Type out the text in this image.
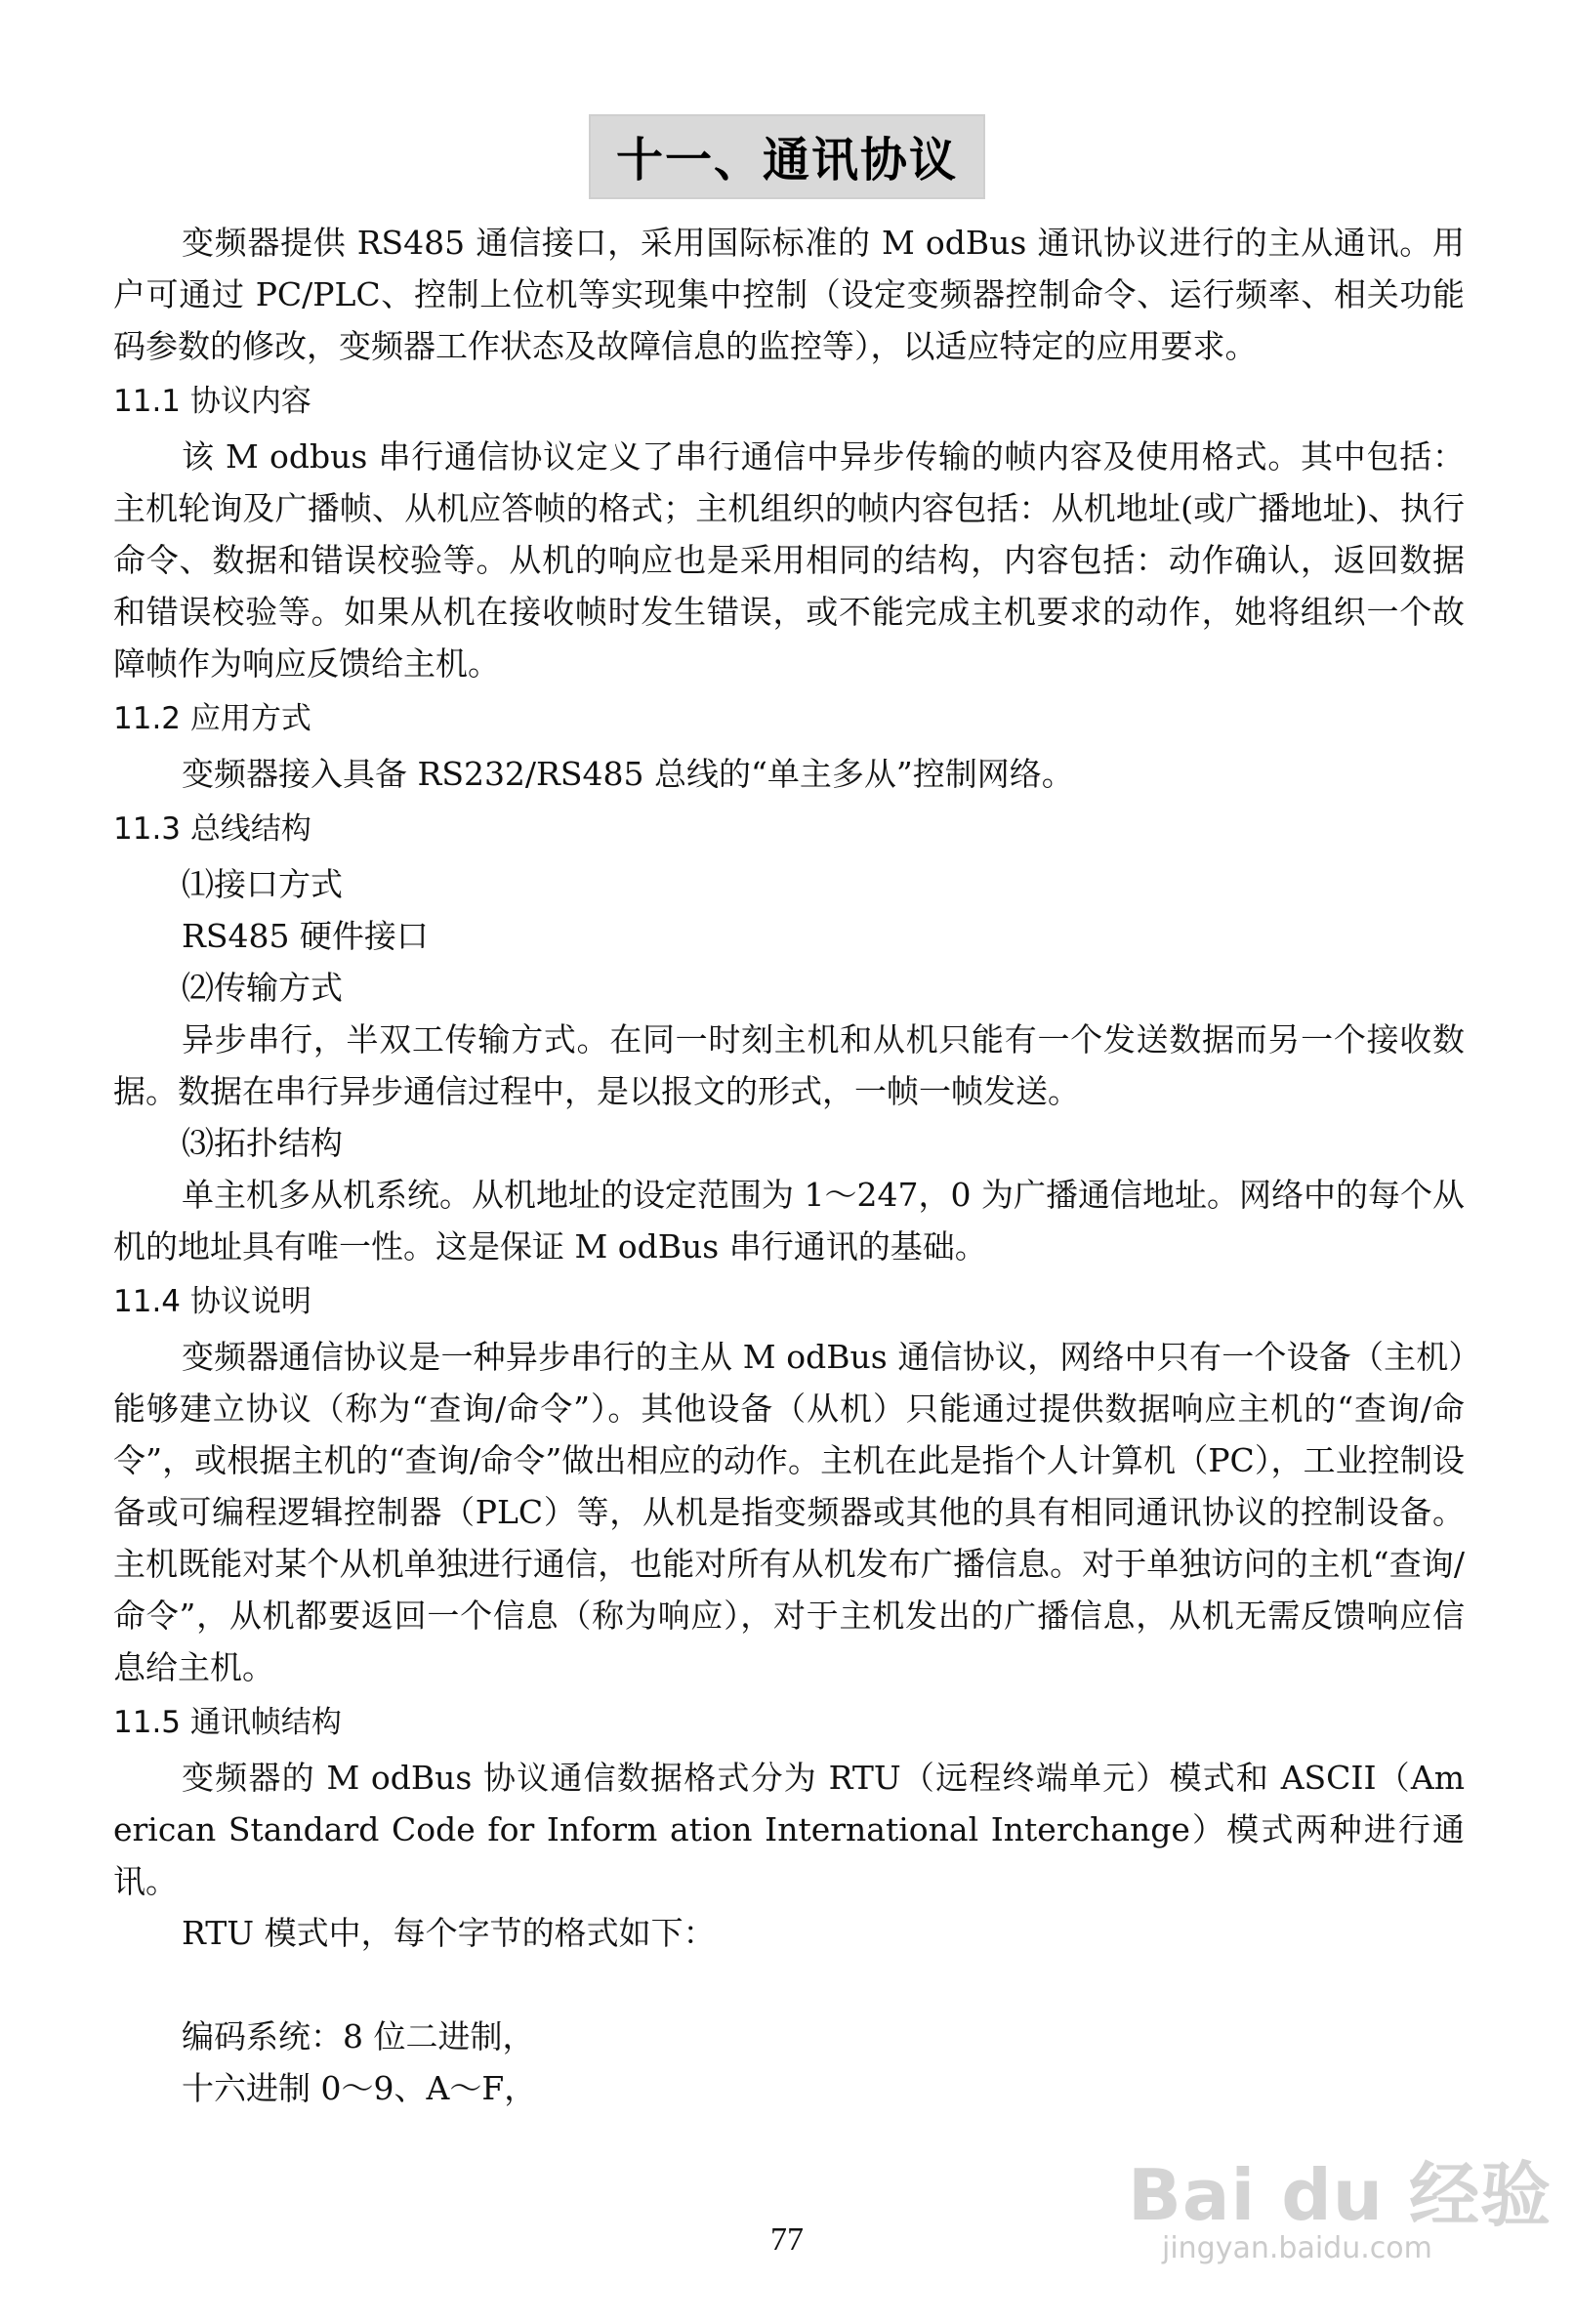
十一、通讯协议

变频器提供 RS485 通信接口，采用国际标准的 M odBus 通讯协议进行的主从通讯。用户可通过 PC/PLC、控制上位机等实现集中控制（设定变频器控制命令、运行频率、相关功能码参数的修改，变频器工作状态及故障信息的监控等），以适应特定的应用要求。

11.1 协议内容

该 M odbus 串行通信协议定义了串行通信中异步传输的帧内容及使用格式。其中包括：主机轮询及广播帧、从机应答帧的格式；主机组织的帧内容包括：从机地址(或广播地址)、执行命令、数据和错误校验等。从机的响应也是采用相同的结构，内容包括：动作确认，返回数据和错误校验等。如果从机在接收帧时发生错误，或不能完成主机要求的动作，她将组织一个故障帧作为响应反馈给主机。

11.2 应用方式

变频器接入具备 RS232/RS485 总线的“单主多从”控制网络。

11.3 总线结构

⑴接口方式

RS485 硬件接口

⑵传输方式

异步串行，半双工传输方式。在同一时刻主机和从机只能有一个发送数据而另一个接收数据。数据在串行异步通信过程中，是以报文的形式，一帧一帧发送。

⑶拓扑结构

单主机多从机系统。从机地址的设定范围为 1～247，0 为广播通信地址。网络中的每个从机的地址具有唯一性。这是保证 M odBus 串行通讯的基础。

11.4 协议说明

变频器通信协议是一种异步串行的主从 M odBus 通信协议，网络中只有一个设备（主机）能够建立协议（称为“查询/命令”）。其他设备（从机）只能通过提供数据响应主机的“查询/命令”，或根据主机的“查询/命令”做出相应的动作。主机在此是指个人计算机（PC），工业控制设备或可编程逻辑控制器（PLC）等，从机是指变频器或其他的具有相同通讯协议的控制设备。主机既能对某个从机单独进行通信，也能对所有从机发布广播信息。对于单独访问的主机“查询/命令”，从机都要返回一个信息（称为响应），对于主机发出的广播信息，从机无需反馈响应信息给主机。

11.5 通讯帧结构

变频器的 M odBus 协议通信数据格式分为 RTU（远程终端单元）模式和 ASCII（Am erican Standard Code for Inform ation International Interchange）模式两种进行通讯。

RTU 模式中，每个字节的格式如下：

编码系统：8 位二进制，

十六进制 0～9、A～F，

77
Bai du 经验
jingyan.baidu.com
